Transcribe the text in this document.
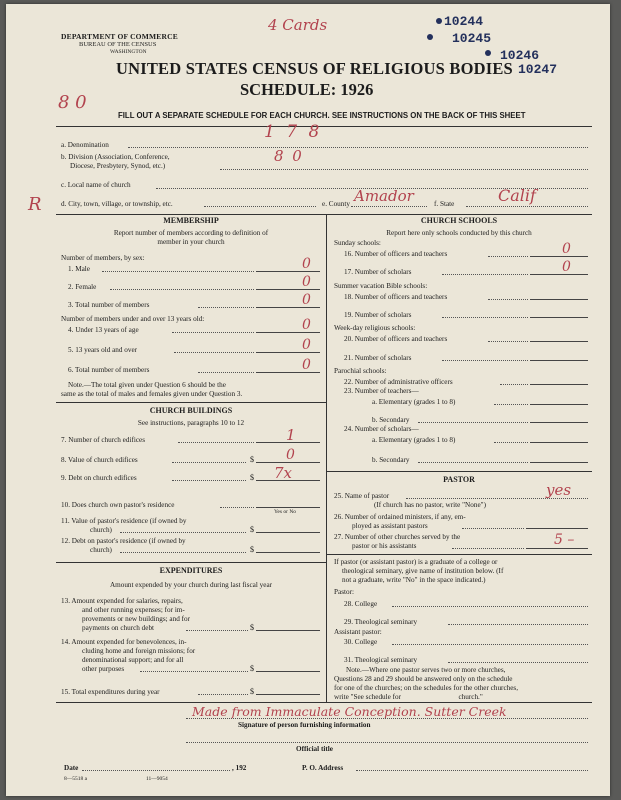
DEPARTMENT OF COMMERCE
BUREAU OF THE CENSUS
WASHINGTON
4 Cards	10244
10245
10246
10247
UNITED STATES CENSUS OF RELIGIOUS BODIES
SCHEDULE: 1926
8 0
FILL OUT A SEPARATE SCHEDULE FOR EACH CHURCH. SEE INSTRUCTIONS ON THE BACK OF THIS SHEET
1 7 8
a. Denomination
b. Division (Association, Conference,
Diocese, Presbytery, Synod, etc.)
8 0
c. Local name of church
R	d. City, town, village, or township, etc.	e. County Amador	f. State	Calif
MEMBERSHIP
Report number of members according to definition of
member in your church
Number of members, by sex:
1. Male	0
2. Female	0
3. Total number of members	0
Number of members under and over 13 years old:
4. Under 13 years of age	0
5. 13 years old and over	0
6. Total number of members	0
Note.—The total given under Question 6 should be the
same as the total of males and females given under Question 3.
CHURCH BUILDINGS
See instructions, paragraphs 10 to 12
7. Number of church edifices	1
8. Value of church edifices	$ 0
9. Debt on church edifices	$ 7x
10. Does church own pastor's residence
Yes or No
11. Value of pastor's residence (if owned by
church)	$
12. Debt on pastor's residence (if owned by
church)	$
EXPENDITURES
Amount expended by your church during last fiscal year
13. Amount expended for salaries, repairs,
and other running expenses; for im-
provements or new buildings; and for
payments on church debt	$
14. Amount expended for benevolences, in-
cluding home and foreign missions; for
denominational support; and for all
other purposes	$
15. Total expenditures during year	$
CHURCH SCHOOLS
Report here only schools conducted by this church
Sunday schools:
16. Number of officers and teachers	0
17. Number of scholars	0
Summer vacation Bible schools:
18. Number of officers and teachers
19. Number of scholars
Week-day religious schools:
20. Number of officers and teachers
21. Number of scholars
Parochial schools:
22. Number of administrative officers
23. Number of teachers—
a. Elementary (grades 1 to 8)
b. Secondary
24. Number of scholars—
a. Elementary (grades 1 to 8)
b. Secondary
PASTOR
25. Name of pastor	yes
(If church has no pastor, write "None")
26. Number of ordained ministers, if any, em-
ployed as assistant pastors
27. Number of other churches served by the
pastor or his assistants	5 –
If pastor (or assistant pastor) is a graduate of a college or
theological seminary, give name of institution below. (If
not a graduate, write "No" in the space indicated.)
Pastor:
28. College
29. Theological seminary
Assistant pastor:
30. College
31. Theological seminary
Note.—Where one pastor serves two or more churches,
Questions 28 and 29 should be answered only on the schedule
for one of the churches; on the schedules for the other churches,
write "See schedule for                                church."
Made from Immaculate Conception. Sutter Creek
Signature of person furnishing information
Official title
Date	, 192	P. O. Address
8—5518 a	11—9054
